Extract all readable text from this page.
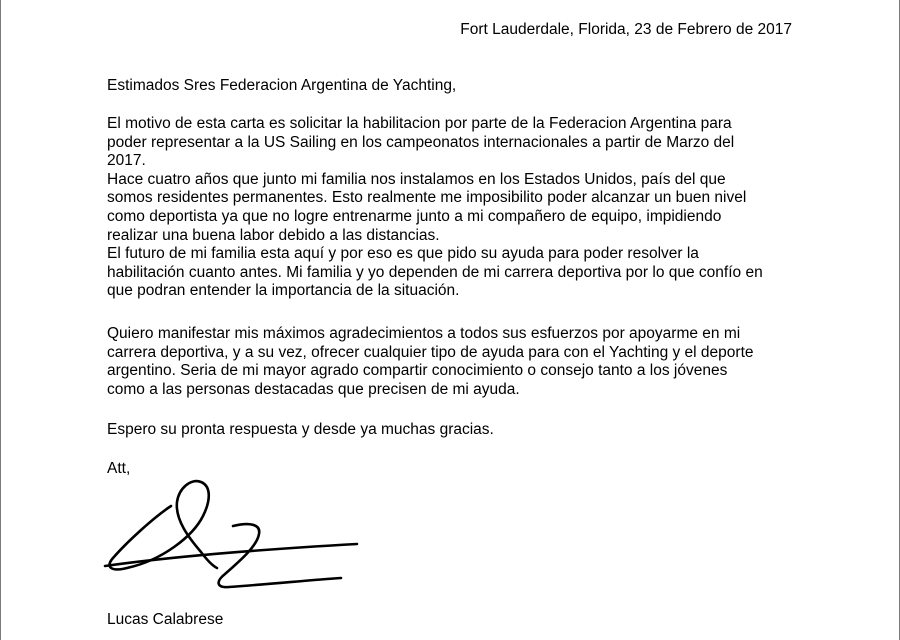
Fort Lauderdale, Florida, 23 de Febrero de 2017
Estimados Sres Federacion Argentina de Yachting,
El motivo de esta carta es solicitar la habilitacion por parte de la Federacion Argentina para
poder representar a la US Sailing en los campeonatos internacionales a partir de Marzo del
2017.
Hace cuatro años que junto mi familia nos instalamos en los Estados Unidos, país del que
somos residentes permanentes. Esto realmente me imposibilito poder alcanzar un buen nivel
como deportista ya que no logre entrenarme junto a mi compañero de equipo, impidiendo
realizar una buena labor debido a las distancias.
El futuro de mi familia esta aquí y por eso es que pido su ayuda para poder resolver la
habilitación cuanto antes. Mi familia y yo dependen de mi carrera deportiva por lo que confío en
que podran entender la importancia de la situación.
Quiero manifestar mis máximos agradecimientos a todos sus esfuerzos por apoyarme en mi
carrera deportiva, y a su vez, ofrecer cualquier tipo de ayuda para con el Yachting y el deporte
argentino. Seria de mi mayor agrado compartir conocimiento o consejo tanto a los jóvenes
como a las personas destacadas que precisen de mi ayuda.
Espero su pronta respuesta y desde ya muchas gracias.
Att,
Lucas Calabrese
